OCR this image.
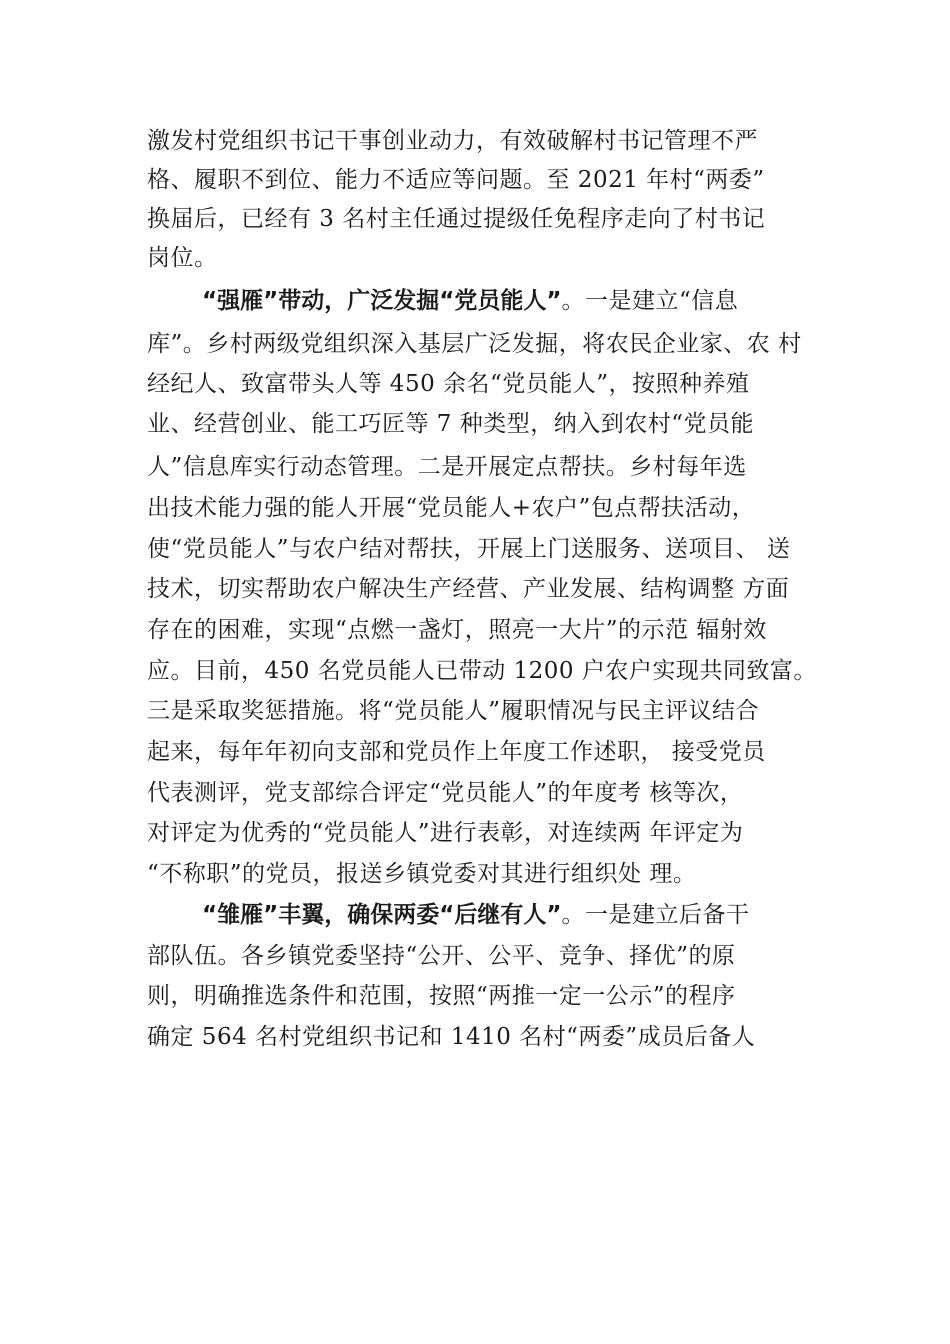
激发村党组织书记干事创业动力，有效破解村书记管理不严
格、履职不到位、能力不适应等问题。至 2021 年村“两委”
换届后，已经有 3 名村主任通过提级任免程序走向了村书记
岗位。
“强雁”带动，广泛发掘“党员能人”。一是建立“信息
库”。乡村两级党组织深入基层广泛发掘，将农民企业家、农 村
经纪人、致富带头人等 450 余名“党员能人”，按照种养殖
业、经营创业、能工巧匠等 7 种类型，纳入到农村“党员能
人”信息库实行动态管理。二是开展定点帮扶。乡村每年选
出技术能力强的能人开展“党员能人+农户”包点帮扶活动，
使“党员能人”与农户结对帮扶，开展上门送服务、送项目、 送
技术，切实帮助农户解决生产经营、产业发展、结构调整 方面
存在的困难，实现“点燃一盏灯，照亮一大片”的示范 辐射效
应。目前，450 名党员能人已带动 1200 户农户实现共同致富。
三是采取奖惩措施。将“党员能人”履职情况与民主评议结合
起来，每年年初向支部和党员作上年度工作述职， 接受党员
代表测评，党支部综合评定“党员能人”的年度考 核等次，
对评定为优秀的“党员能人”进行表彰，对连续两 年评定为
“不称职”的党员，报送乡镇党委对其进行组织处 理。
“雏雁”丰翼，确保两委“后继有人”。一是建立后备干
部队伍。各乡镇党委坚持“公开、公平、竞争、择优”的原
则，明确推选条件和范围，按照“两推一定一公示”的程序
确定 564 名村党组织书记和 1410 名村“两委”成员后备人
